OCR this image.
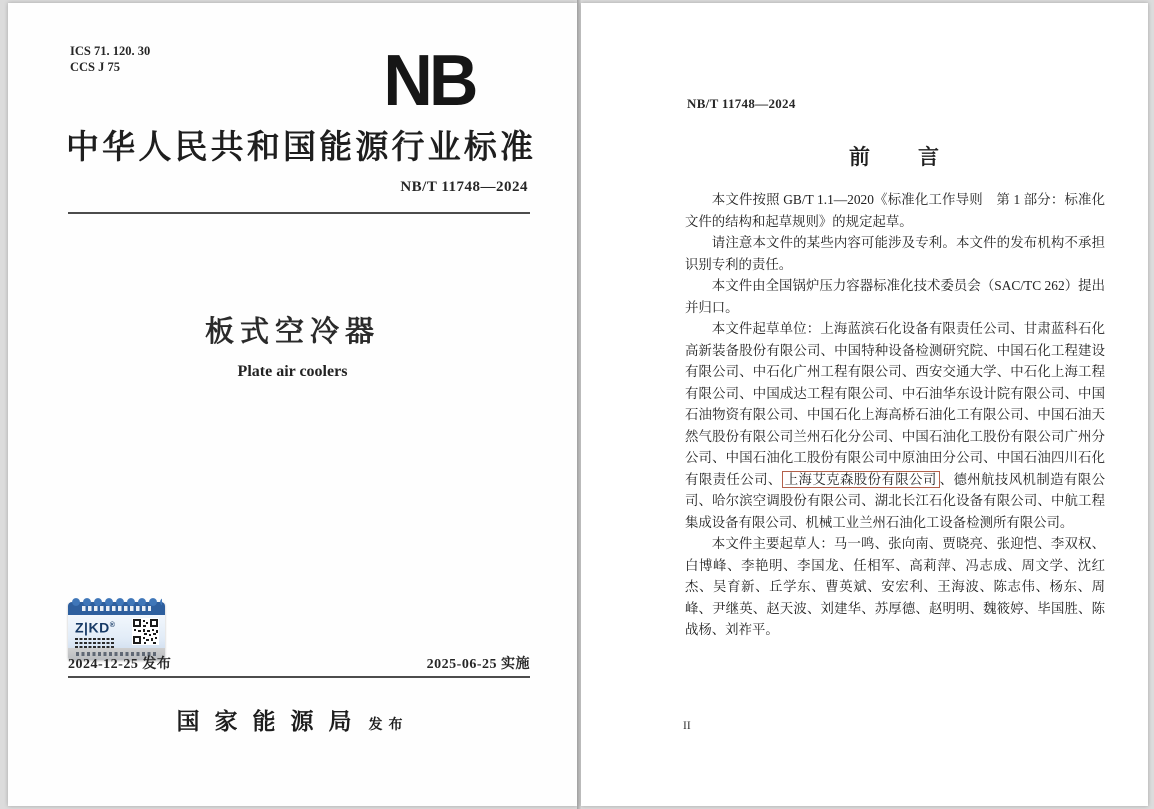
ICS 71. 120. 30
CCS J 75	NB
中华人民共和国能源行业标准
NB/T 11748—2024
板式空冷器
Plate air coolers
Z|KD®
2024-12-25 发布	2025-06-25 实施
国家能源局 发布
NB/T 11748—2024
前　　言

本文件按照 GB/T 1.1—2020《标准化工作导则　第 1 部分：标准化文件的结构和起草规则》的规定起草。

请注意本文件的某些内容可能涉及专利。本文件的发布机构不承担识别专利的责任。

本文件由全国锅炉压力容器标准化技术委员会（SAC/TC 262）提出并归口。

本文件起草单位：上海蓝滨石化设备有限责任公司、甘肃蓝科石化高新装备股份有限公司、中国特种设备检测研究院、中国石化工程建设有限公司、中石化广州工程有限公司、西安交通大学、中石化上海工程有限公司、中国成达工程有限公司、中石油华东设计院有限公司、中国石油物资有限公司、中国石化上海高桥石油化工有限公司、中国石油天然气股份有限公司兰州石化分公司、中国石油化工股份有限公司广州分公司、中国石油化工股份有限公司中原油田分公司、中国石油四川石化有限责任公司、 上海艾克森股份有限公司 、德州航技风机制造有限公司、哈尔滨空调股份有限公司、湖北长江石化设备有限公司、中航工程集成设备有限公司、机械工业兰州石油化工设备检测所有限公司。

本文件主要起草人：马一鸣、张向南、贾晓亮、张迎恺、李双权、白博峰、李艳明、李国龙、任相军、高莉萍、冯志成、周文学、沈红杰、吴育新、丘学东、曹英斌、安宏利、王海波、陈志伟、杨东、周峰、尹继英、赵天波、刘建华、苏厚德、赵明明、魏筱婷、毕国胜、陈战杨、刘祚平。

II
